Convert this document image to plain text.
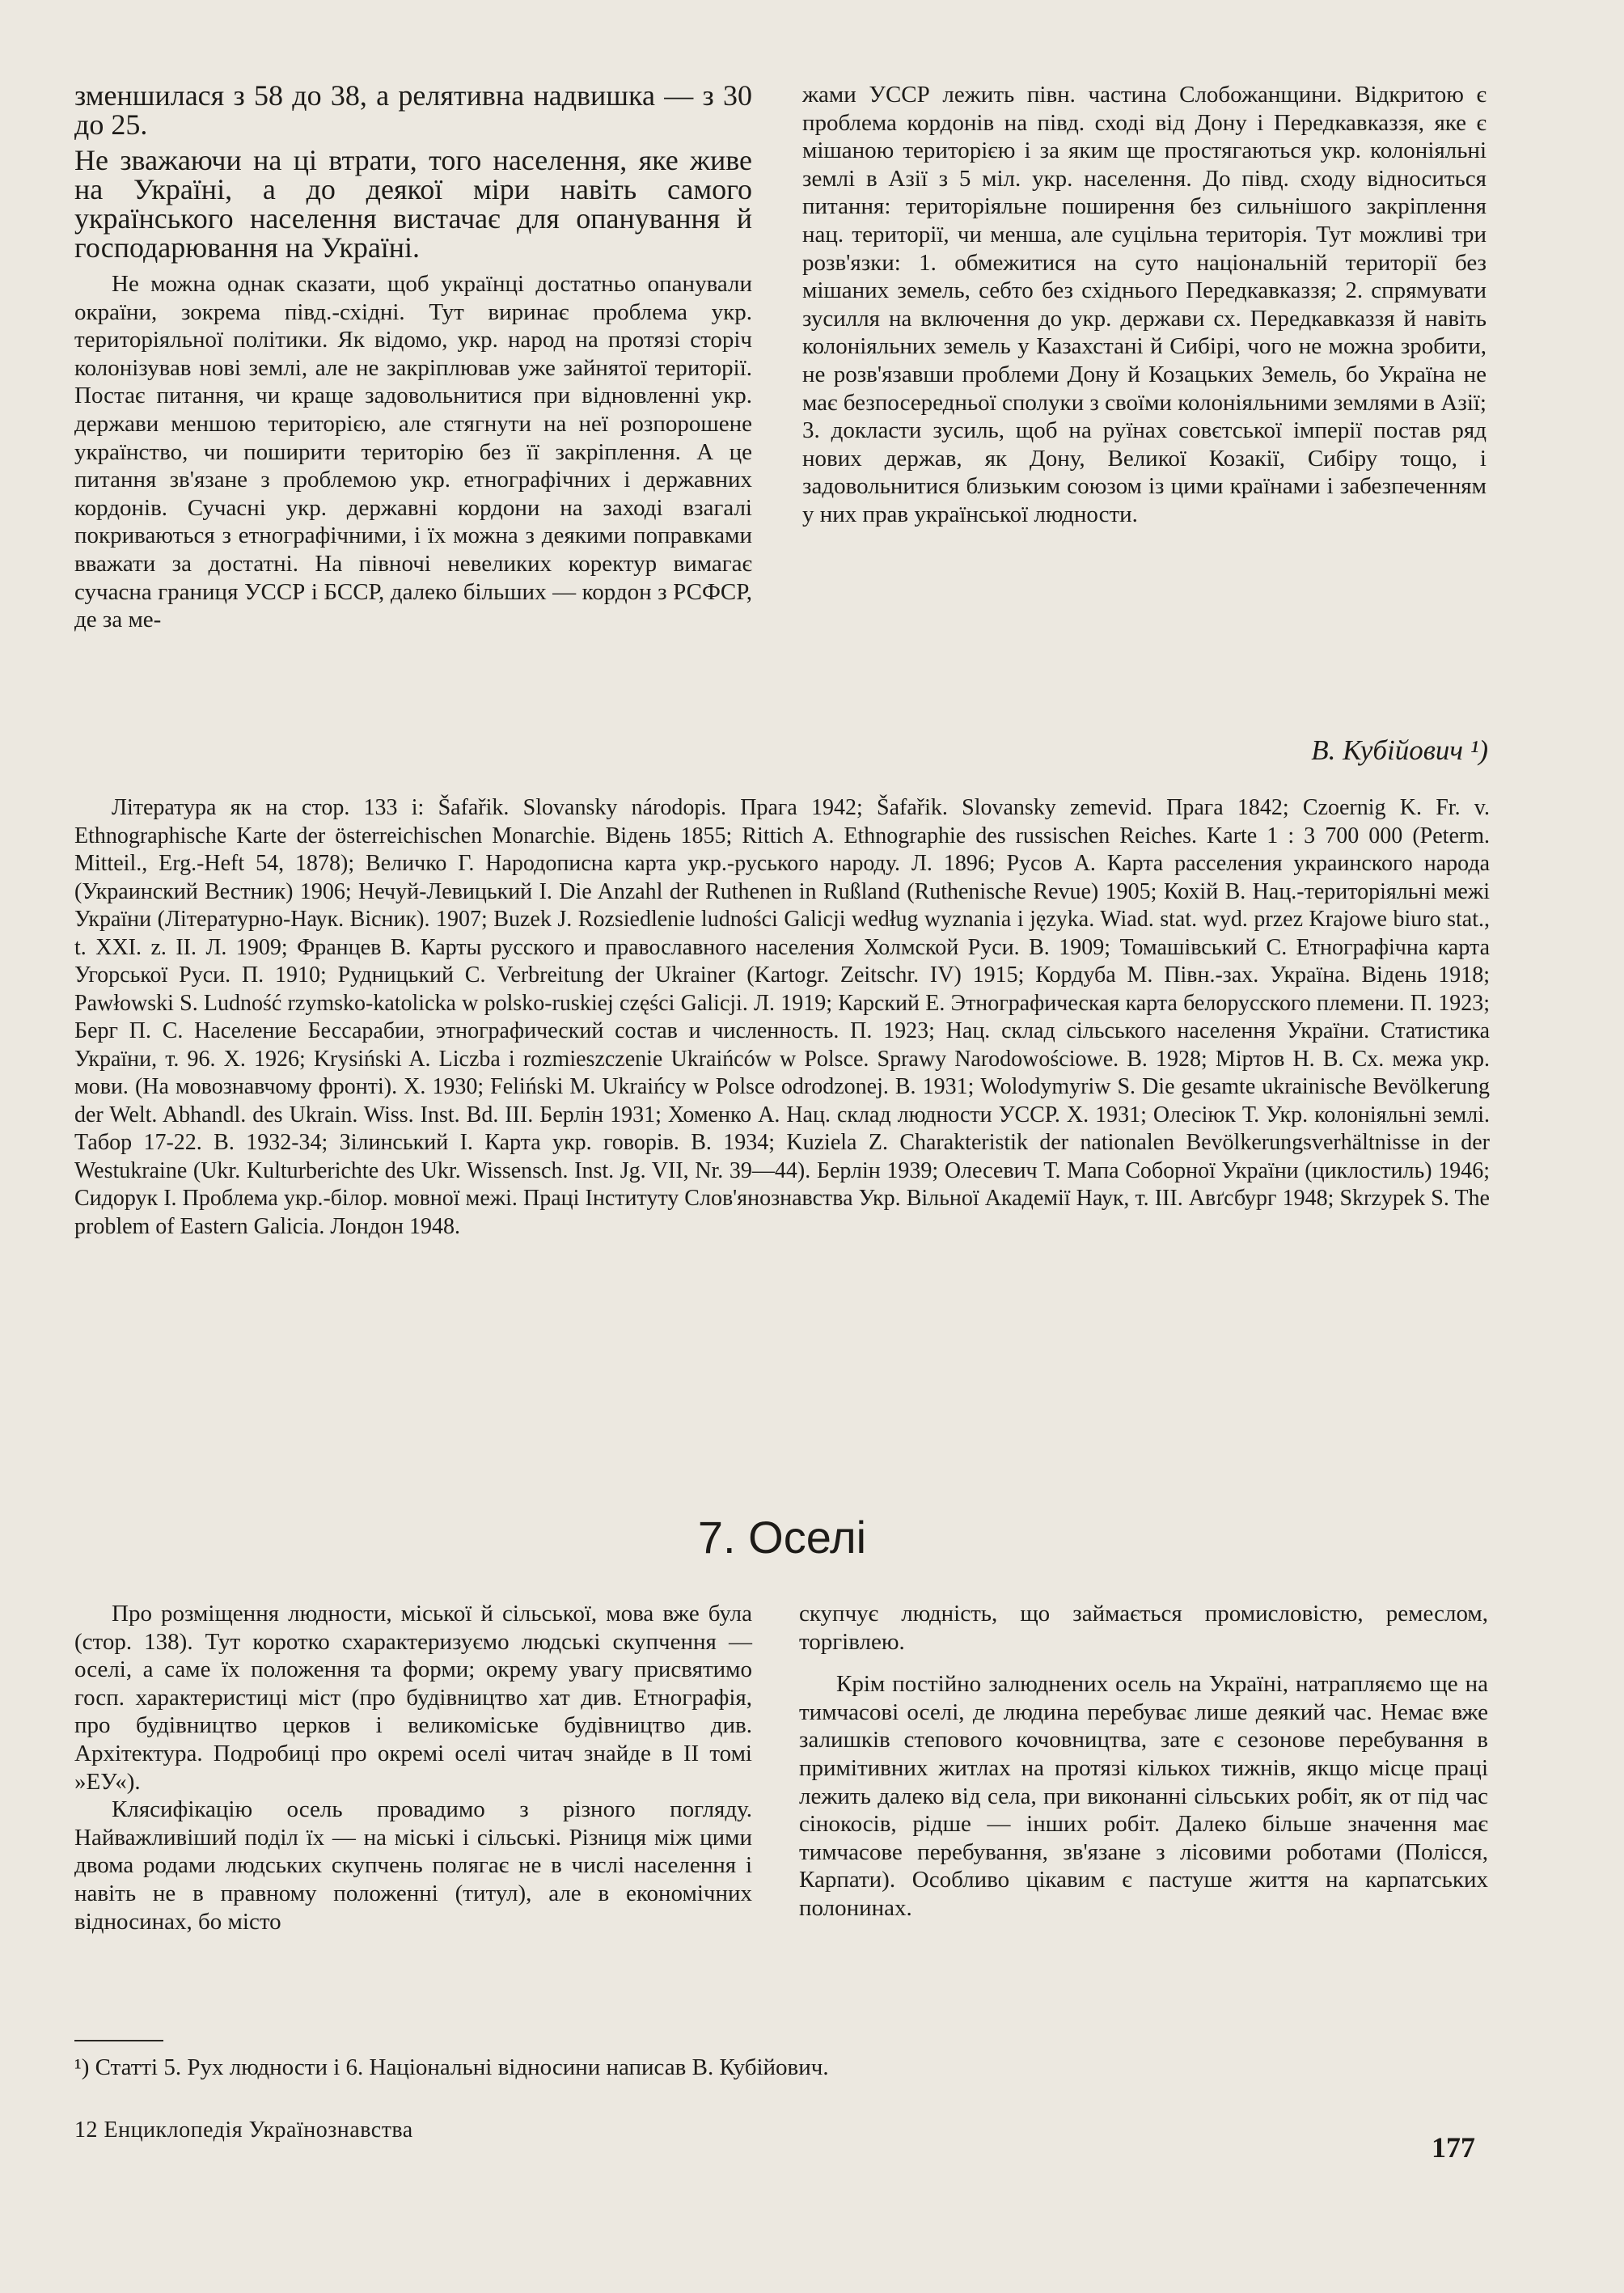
зменшилася з 58 до 38, а релятивна надвишка — з 30 до 25.

Не зважаючи на ці втрати, того населення, яке живе на Україні, а до деякої міри навіть самого українського населення вистачає для опанування й господарювання на Україні.

Не можна однак сказати, щоб українці достатньо опанували окраїни, зокрема півд.-східні. Тут виринає проблема укр. територіяльної політики. Як відомо, укр. народ на протязі сторіч колонізував нові землі, але не закріплював уже зайнятої території. Постає питання, чи краще задовольнитися при відновленні укр. держави меншою територією, але стягнути на неї розпорошене українство, чи поширити територію без її закріплення. А це питання зв'язане з проблемою укр. етнографічних і державних кордонів. Сучасні укр. державні кордони на заході взагалі покриваються з етнографічними, і їх можна з деякими поправками вважати за достатні. На півночі невеликих коректур вимагає сучасна границя УССР і БССР, далеко більших — кордон з РСФСР, де за ме-

жами УССР лежить півн. частина Слобожанщини. Відкритою є проблема кордонів на півд. сході від Дону і Передкавказзя, яке є мішаною територією і за яким ще простягаються укр. колоніяльні землі в Азії з 5 міл. укр. населення. До півд. сходу відноситься питання: територіяльне поширення без сильнішого закріплення нац. території, чи менша, але суцільна територія. Тут можливі три розв'язки: 1. обмежитися на суто національній території без мішаних земель, себто без східнього Передкавказзя; 2. спрямувати зусилля на включення до укр. держави сх. Передкавказзя й навіть колоніяльних земель у Казахстані й Сибірі, чого не можна зробити, не розв'язавши проблеми Дону й Козацьких Земель, бо Україна не має безпосередньої сполуки з своїми колоніяльними землями в Азії; 3. докласти зусиль, щоб на руїнах совєтської імперії постав ряд нових держав, як Дону, Великої Козакії, Сибіру тощо, і задовольнитися близьким союзом із цими країнами і забезпеченням у них прав української людности.

В. Кубійович ¹)

Література як на стор. 133 і: Šafařik. Slovansky národopis. Прага 1942; Šafařik. Slovansky zemevid. Прага 1842; Czoernig K. Fr. v. Ethnographische Karte der österreichischen Monarchie. Відень 1855; Rittich A. Ethnographie des russischen Reiches. Karte 1 : 3 700 000 (Peterm. Mitteil., Erg.-Heft 54, 1878); Величко Г. Народописна карта укр.-руського народу. Л. 1896; Русов А. Карта расселения украинского народа (Украинский Вестник) 1906; Нечуй-Левицький І. Die Anzahl der Ruthenen in Rußland (Ruthenische Revue) 1905; Кохій В. Нац.-територіяльні межі України (Літературно-Наук. Вісник). 1907; Buzek J. Rozsiedlenie ludności Galicji według wyznania i języka. Wiad. stat. wyd. przez Krajowe biuro stat., t. XXI. z. II. Л. 1909; Францев В. Карты русского и православного населения Холмской Руси. В. 1909; Томашівський С. Етнографічна карта Угорської Руси. П. 1910; Рудницький С. Verbreitung der Ukrainer (Kartogr. Zeitschr. IV) 1915; Кордуба М. Півн.-зах. Україна. Відень 1918; Pawłowski S. Ludność rzymsko-katolicka w polsko-ruskiej części Galicji. Л. 1919; Карский Е. Этнографическая карта белорусского племени. П. 1923; Берг П. С. Население Бессарабии, этнографический состав и численность. П. 1923; Нац. склад сільського населення України. Статистика України, т. 96. Х. 1926; Krysiński A. Liczba i rozmieszczenie Ukraińców w Polsce. Sprawy Narodowościowe. В. 1928; Міртов Н. В. Сх. межа укр. мови. (На мовознавчому фронті). Х. 1930; Feliński M. Ukraińcy w Polsce odrodzonej. В. 1931; Wolodymyriw S. Die gesamte ukrainische Bevölkerung der Welt. Abhandl. des Ukrain. Wiss. Inst. Bd. III. Берлін 1931; Хоменко А. Нац. склад людности УССР. Х. 1931; Олесіюк Т. Укр. колоніяльні землі. Табор 17-22. В. 1932-34; Зілинський І. Карта укр. говорів. В. 1934; Kuziela Z. Charakteristik der nationalen Bevölkerungsverhältnisse in der Westukraine (Ukr. Kulturberichte des Ukr. Wissensch. Inst. Jg. VII, Nr. 39—44). Берлін 1939; Олесевич Т. Мапа Соборної України (циклостиль) 1946; Сидорук І. Проблема укр.-білор. мовної межі. Праці Інституту Слов'янознавства Укр. Вільної Академії Наук, т. III. Авґсбург 1948; Skrzypek S. The problem of Eastern Galicia. Лондон 1948.

7. Оселі

Про розміщення людности, міської й сільської, мова вже була (стор. 138). Тут коротко схарактеризуємо людські скупчення — оселі, а саме їх положення та форми; окрему увагу присвятимо госп. характеристиці міст (про будівництво хат див. Етнографія, про будівництво церков і великоміське будівництво див. Архітектура. Подробиці про окремі оселі читач знайде в II томі »ЕУ«).

Клясифікацію осель провадимо з різного погляду. Найважливіший поділ їх — на міські і сільські. Різниця між цими двома родами людських скупчень полягає не в числі населення і навіть не в правному положенні (титул), але в економічних відносинах, бо місто

скупчує людність, що займається промисловістю, ремеслом, торгівлею.

Крім постійно залюднених осель на Україні, натрапляємо ще на тимчасові оселі, де людина перебуває лише деякий час. Немає вже залишків степового кочовництва, зате є сезонове перебування в примітивних житлах на протязі кількох тижнів, якщо місце праці лежить далеко від села, при виконанні сільських робіт, як от під час сінокосів, рідше — інших робіт. Далеко більше значення має тимчасове перебування, зв'язане з лісовими роботами (Полісся, Карпати). Особливо цікавим є пастуше життя на карпатських полонинах.

¹) Статті 5. Рух людности і 6. Національні відносини написав В. Кубійович.

12 Енциклопедія Українознавства

177
